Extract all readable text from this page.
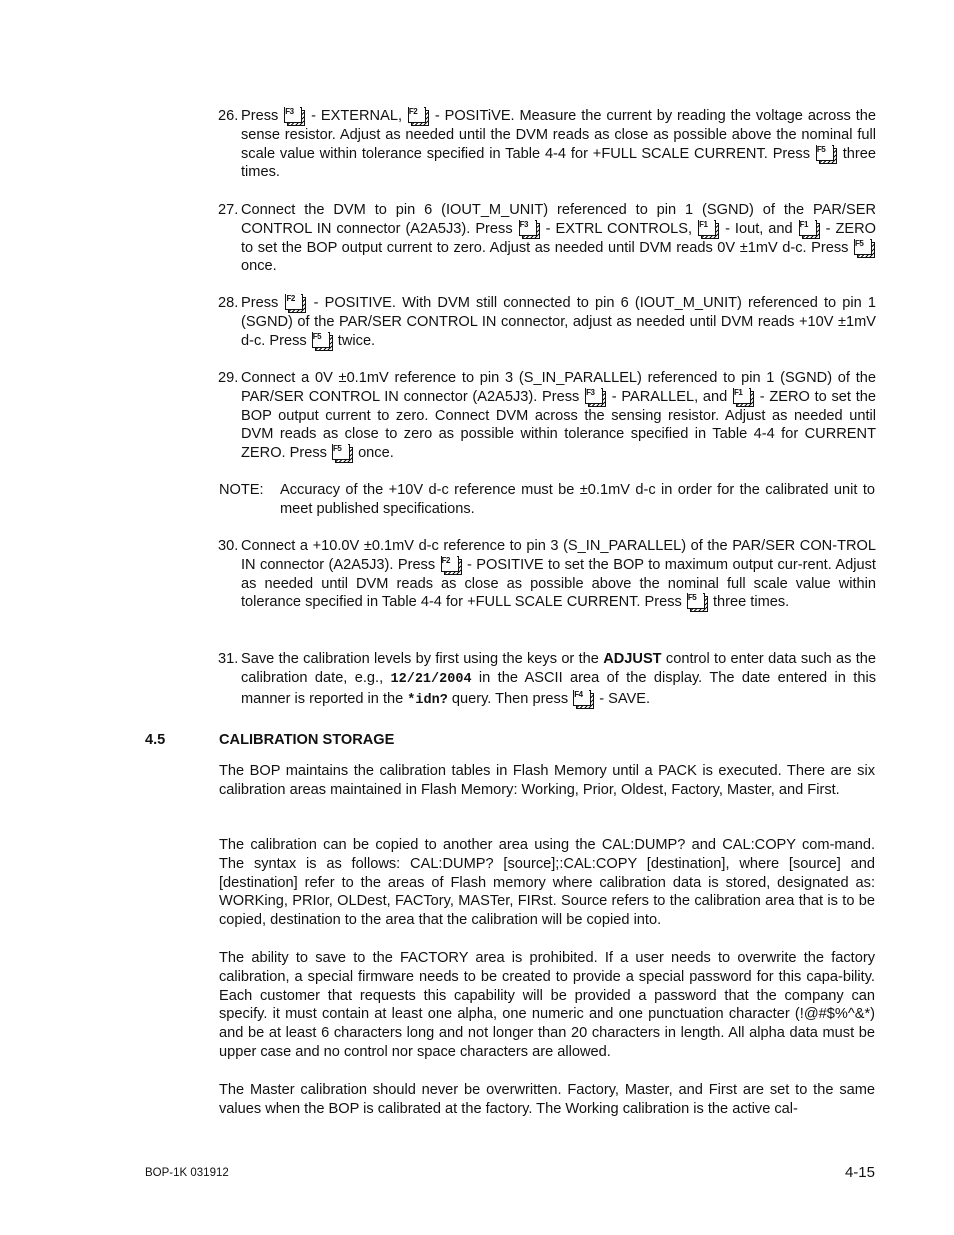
26. Press F3 - EXTERNAL, F2 - POSITiVE. Measure the current by reading the voltage across the sense resistor. Adjust as needed until the DVM reads as close as possible above the nominal full scale value within tolerance specified in Table 4-4 for +FULL SCALE CURRENT. Press F5 three times.
27. Connect the DVM to pin 6 (IOUT_M_UNIT) referenced to pin 1 (SGND) of the PAR/SER CONTROL IN connector (A2A5J3). Press F3 - EXTRL CONTROLS, F1 - Iout, and F1 - ZERO to set the BOP output current to zero. Adjust as needed until DVM reads 0V ±1mV d-c. Press F5
once.
28. Press F2 - POSITIVE. With DVM still connected to pin 6 (IOUT_M_UNIT) referenced to pin 1 (SGND) of the PAR/SER CONTROL IN connector, adjust as needed until DVM reads +10V ±1mV d-c. Press F5 twice.
29. Connect a 0V ±0.1mV reference to pin 3 (S_IN_PARALLEL) referenced to pin 1 (SGND) of the PAR/SER CONTROL IN connector (A2A5J3). Press F3 - PARALLEL, and F1 - ZERO to set the BOP output current to zero. Connect DVM across the sensing resistor. Adjust as needed until DVM reads as close to zero as possible within tolerance specified in Table 4-4 for CURRENT ZERO. Press F5 once.
NOTE: Accuracy of the +10V d-c reference must be ±0.1mV d-c in order for the calibrated unit to meet published specifications.
30. Connect a +10.0V ±0.1mV d-c reference to pin 3 (S_IN_PARALLEL) of the PAR/SER CON-TROL IN connector (A2A5J3). Press F2 - POSITIVE to set the BOP to maximum output cur-rent. Adjust as needed until DVM reads as close as possible above the nominal full scale value within tolerance specified in Table 4-4 for +FULL SCALE CURRENT. Press F5 three times.
31. Save the calibration levels by first using the keys or the ADJUST control to enter data such as the calibration date, e.g., 12/21/2004 in the ASCII area of the display. The date entered in this manner is reported in the *idn? query. Then press F4 - SAVE.
4.5	CALIBRATION STORAGE
The BOP maintains the calibration tables in Flash Memory until a PACK is executed. There are six calibration areas maintained in Flash Memory: Working, Prior, Oldest, Factory, Master, and First.
The calibration can be copied to another area using the CAL:DUMP? and CAL:COPY com-mand. The syntax is as follows: CAL:DUMP? [source];:CAL:COPY [destination], where [source] and [destination] refer to the areas of Flash memory where calibration data is stored, designated as: WORKing, PRIor, OLDest, FACTory, MASTer, FIRst. Source refers to the calibration area that is to be copied, destination to the area that the calibration will be copied into.
The ability to save to the FACTORY area is prohibited. If a user needs to overwrite the factory calibration, a special firmware needs to be created to provide a special password for this capa-bility. Each customer that requests this capability will be provided a password that the company can specify. it must contain at least one alpha, one numeric and one punctuation character (!@#$%^&*) and be at least 6 characters long and not longer than 20 characters in length. All alpha data must be upper case and no control nor space characters are allowed.
The Master calibration should never be overwritten. Factory, Master, and First are set to the same values when the BOP is calibrated at the factory. The Working calibration is the active cal-
BOP-1K 031912	4-15
